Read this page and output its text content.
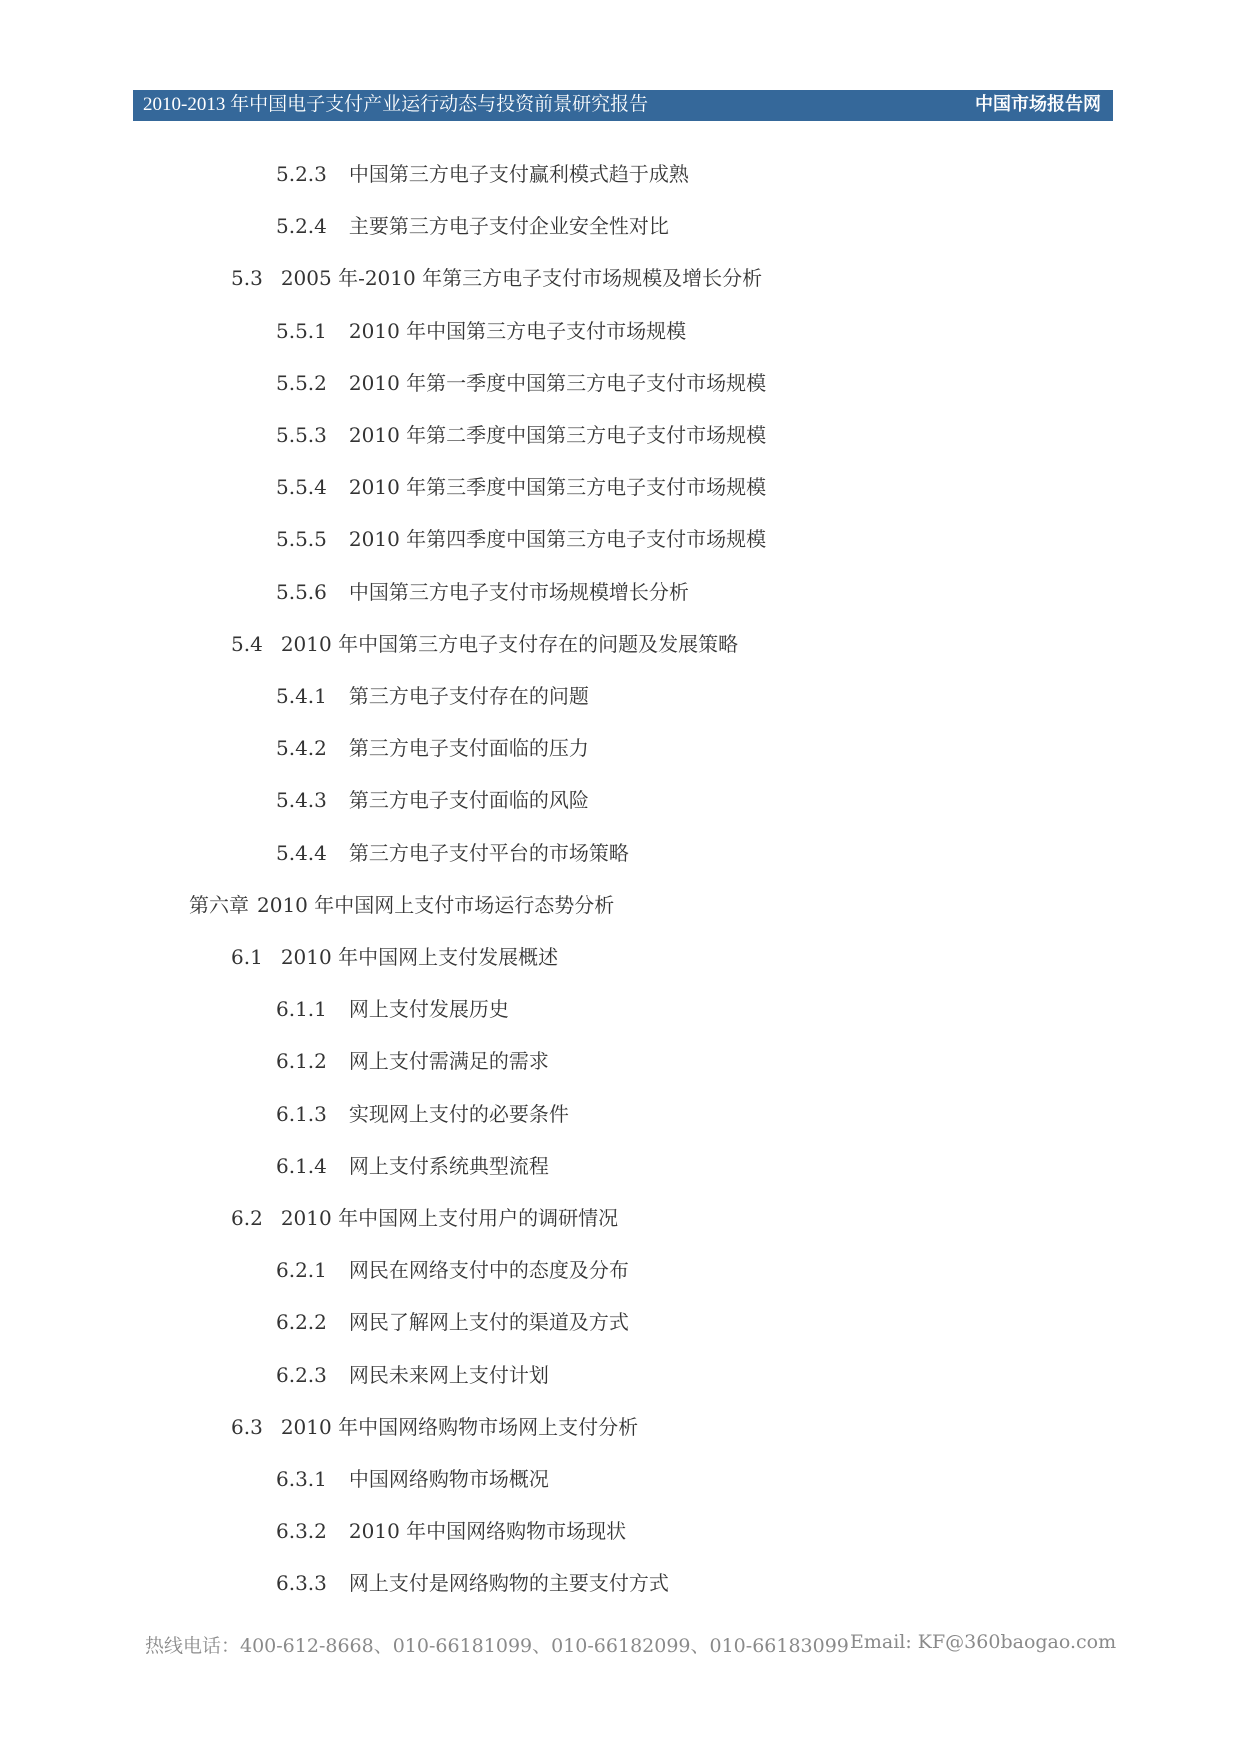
2010-2013 年中国电子支付产业运行动态与投资前景研究报告	中国市场报告网
5.2.3 中国第三方电子支付赢利模式趋于成熟
5.2.4 主要第三方电子支付企业安全性对比
5.3 2005 年-2010 年第三方电子支付市场规模及增长分析
5.5.1 2010 年中国第三方电子支付市场规模
5.5.2 2010 年第一季度中国第三方电子支付市场规模
5.5.3 2010 年第二季度中国第三方电子支付市场规模
5.5.4 2010 年第三季度中国第三方电子支付市场规模
5.5.5 2010 年第四季度中国第三方电子支付市场规模
5.5.6 中国第三方电子支付市场规模增长分析
5.4 2010 年中国第三方电子支付存在的问题及发展策略
5.4.1 第三方电子支付存在的问题
5.4.2 第三方电子支付面临的压力
5.4.3 第三方电子支付面临的风险
5.4.4 第三方电子支付平台的市场策略
第六章 2010 年中国网上支付市场运行态势分析
6.1 2010 年中国网上支付发展概述
6.1.1 网上支付发展历史
6.1.2 网上支付需满足的需求
6.1.3 实现网上支付的必要条件
6.1.4 网上支付系统典型流程
6.2 2010 年中国网上支付用户的调研情况
6.2.1 网民在网络支付中的态度及分布
6.2.2 网民了解网上支付的渠道及方式
6.2.3 网民未来网上支付计划
6.3 2010 年中国网络购物市场网上支付分析
6.3.1 中国网络购物市场概况
6.3.2 2010 年中国网络购物市场现状
6.3.3 网上支付是网络购物的主要支付方式
热线电话：400-612-8668、010-66181099、010-66182099、010-66183099 Email: KF@360baogao.com
